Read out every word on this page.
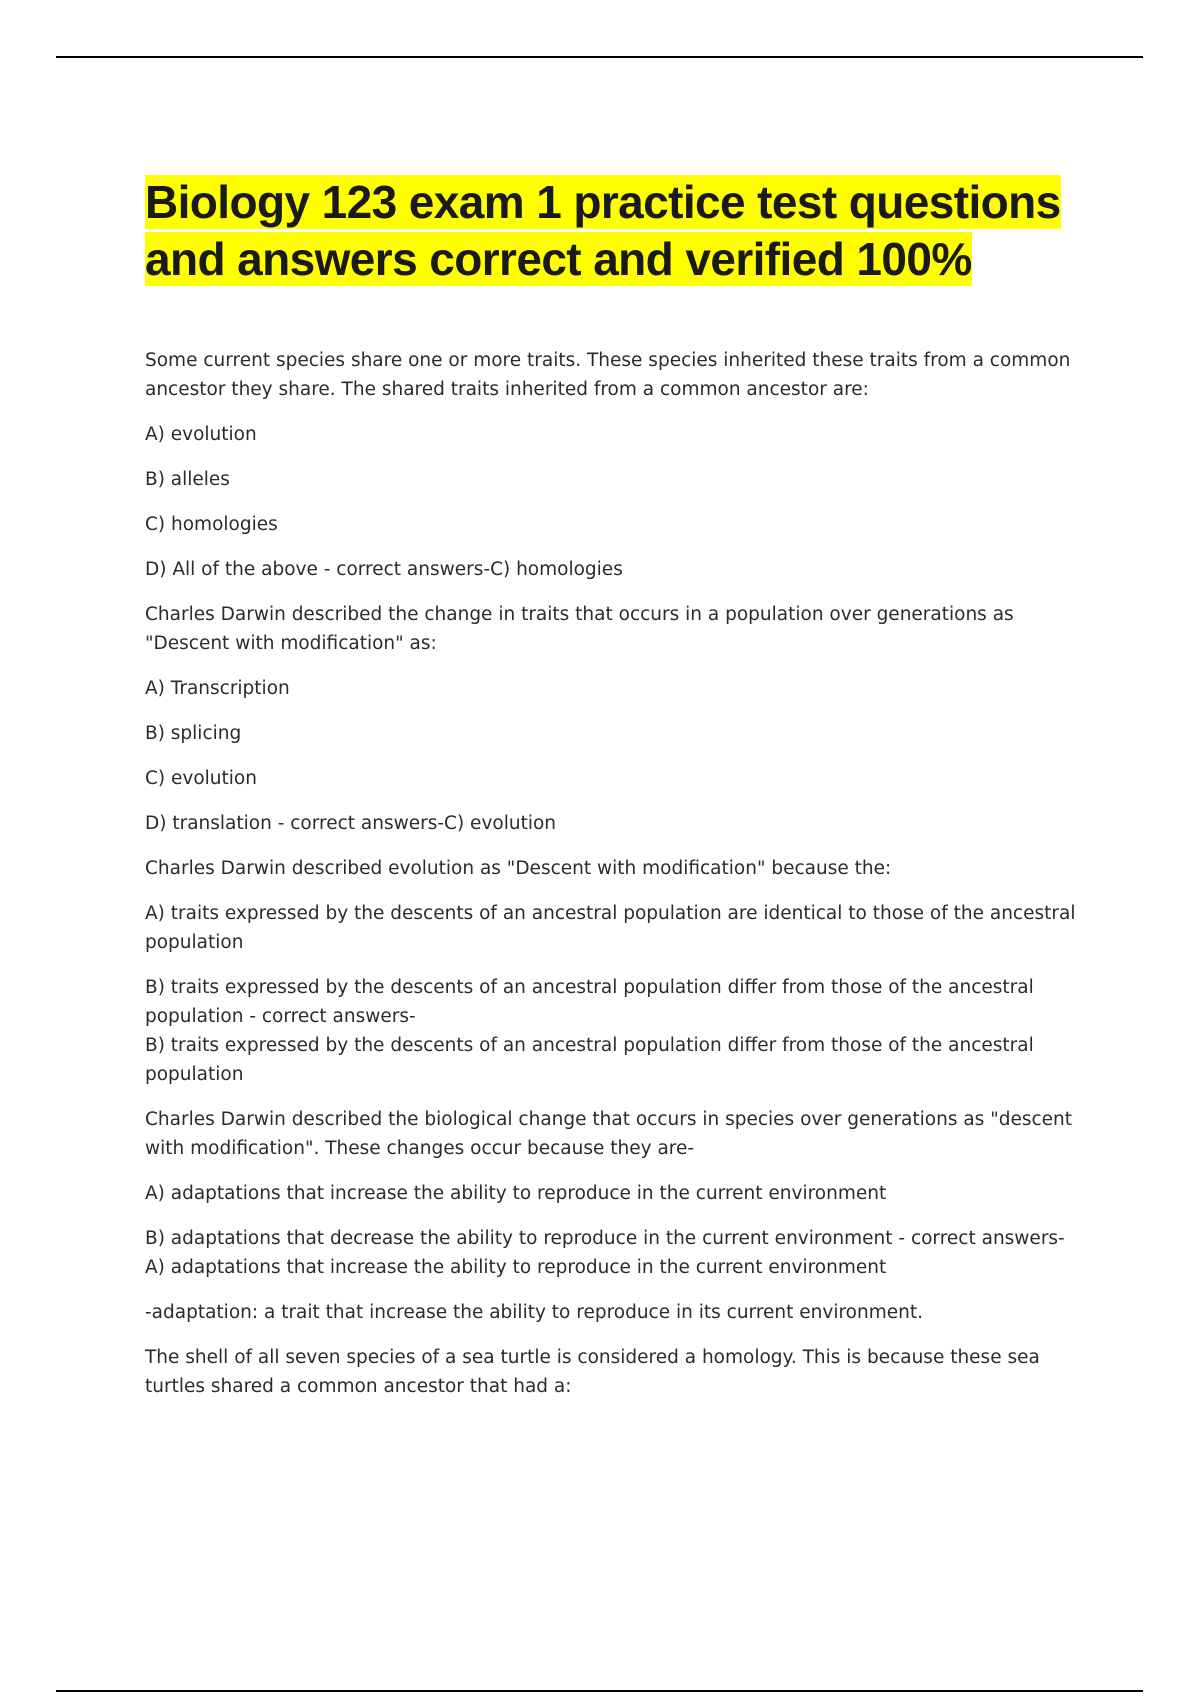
Biology 123 exam 1 practice test questions and answers correct and verified 100%

Some current species share one or more traits. These species inherited these traits from a common ancestor they share. The shared traits inherited from a common ancestor are:

A) evolution

B) alleles

C) homologies

D) All of the above - correct answers-C) homologies

Charles Darwin described the change in traits that occurs in a population over generations as "Descent with modification" as:

A) Transcription

B) splicing

C) evolution

D) translation - correct answers-C) evolution

Charles Darwin described evolution as "Descent with modification" because the:

A) traits expressed by the descents of an ancestral population are identical to those of the ancestral population

B) traits expressed by the descents of an ancestral population differ from those of the ancestral population - correct answers-

B) traits expressed by the descents of an ancestral population differ from those of the ancestral population

Charles Darwin described the biological change that occurs in species over generations as "descent with modification". These changes occur because they are-

A) adaptations that increase the ability to reproduce in the current environment

B) adaptations that decrease the ability to reproduce in the current environment - correct answers-

A) adaptations that increase the ability to reproduce in the current environment

-adaptation: a trait that increase the ability to reproduce in its current environment.

The shell of all seven species of a sea turtle is considered a homology. This is because these sea turtles shared a common ancestor that had a:
